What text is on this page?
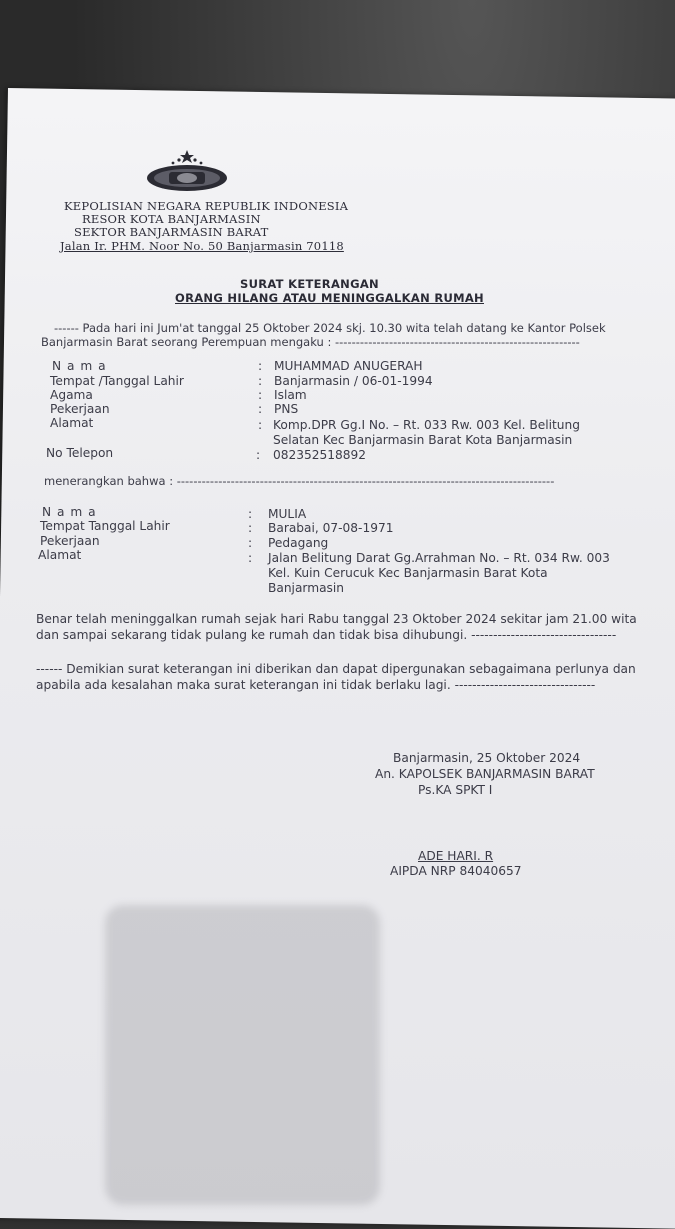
KEPOLISIAN NEGARA REPUBLIK INDONESIA
RESOR KOTA BANJARMASIN
SEKTOR BANJARMASIN BARAT
Jalan Ir. PHM. Noor No. 50 Banjarmasin 70118
SURAT KETERANGAN
ORANG HILANG ATAU MENINGGALKAN RUMAH
------ Pada hari ini Jum'at tanggal 25 Oktober 2024 skj. 10.30 wita telah datang ke Kantor Polsek
Banjarmasin Barat seorang Perempuan mengaku : -----------------------------------------------------------
N a m a	: MUHAMMAD ANUGERAH
Tempat /Tanggal Lahir	: Banjarmasin / 06-01-1994
Agama	: Islam
Pekerjaan	: PNS
Alamat	: Komp.DPR Gg.I No. – Rt. 033 Rw. 003 Kel. Belitung
Selatan Kec Banjarmasin Barat Kota Banjarmasin
No Telepon	: 082352518892
menerangkan bahwa : -------------------------------------------------------------------------------------------
N a m a	: MULIA
Tempat Tanggal Lahir	: Barabai, 07-08-1971
Pekerjaan	: Pedagang
Alamat	: Jalan Belitung Darat Gg.Arrahman No. – Rt. 034 Rw. 003
Kel. Kuin Cerucuk Kec Banjarmasin Barat Kota
Banjarmasin
Benar telah meninggalkan rumah sejak hari Rabu tanggal 23 Oktober 2024 sekitar jam 21.00 wita
dan sampai sekarang tidak pulang ke rumah dan tidak bisa dihubungi. ---------------------------------
------ Demikian surat keterangan ini diberikan dan dapat dipergunakan sebagaimana perlunya dan
apabila ada kesalahan maka surat keterangan ini tidak berlaku lagi. --------------------------------
Banjarmasin, 25 Oktober 2024
An. KAPOLSEK BANJARMASIN BARAT
Ps.KA SPKT I
ADE HARI. R
AIPDA NRP 84040657
